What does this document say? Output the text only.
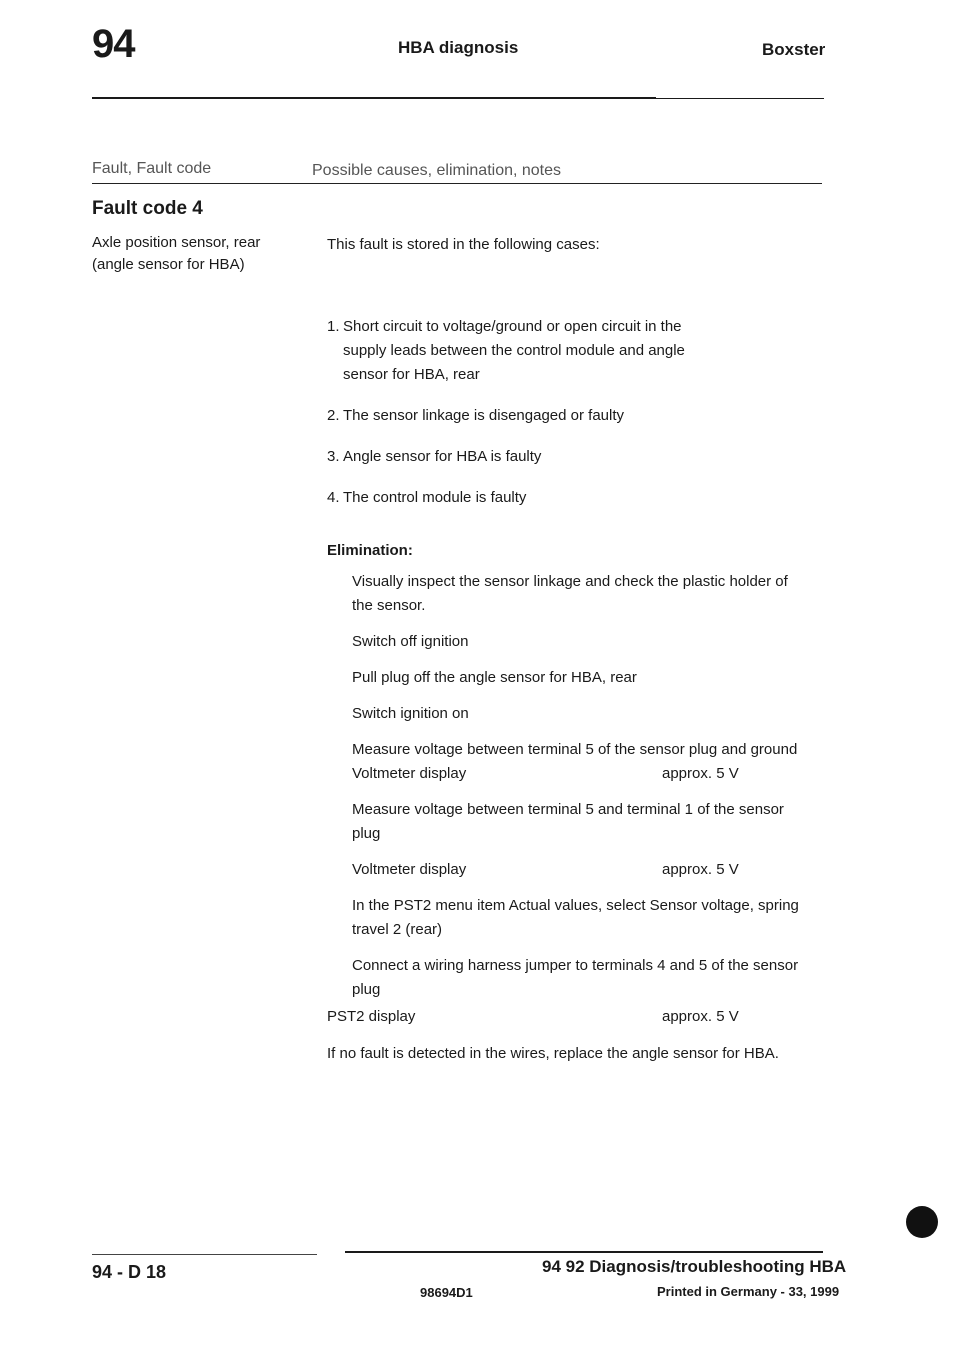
94	HBA diagnosis	Boxster
Fault, Fault code	Possible causes, elimination, notes
Fault code 4
Axle position sensor, rear
(angle sensor for HBA)
This fault is stored in the following cases:
1. Short circuit to voltage/ground or open circuit in the
supply leads between the control module and angle
sensor for HBA, rear
2. The sensor linkage is disengaged or faulty
3. Angle sensor for HBA is faulty
4. The control module is faulty
Elimination:
Visually inspect the sensor linkage and check the plastic holder of
the sensor.
Switch off ignition
Pull plug off the angle sensor for HBA, rear
Switch ignition on
Measure voltage between terminal 5 of the sensor plug and ground
Voltmeter display	approx. 5 V
Measure voltage between terminal 5 and terminal 1 of the sensor
plug
Voltmeter display	approx. 5 V
In the PST2 menu item Actual values, select Sensor voltage, spring
travel 2 (rear)
Connect a wiring harness jumper to terminals 4 and 5 of the sensor
plug
PST2 display	approx. 5 V
If no fault is detected in the wires, replace the angle sensor for HBA.
94 - D 18	94 92 Diagnosis/troubleshooting HBA
98694D1	Printed in Germany - 33, 1999
